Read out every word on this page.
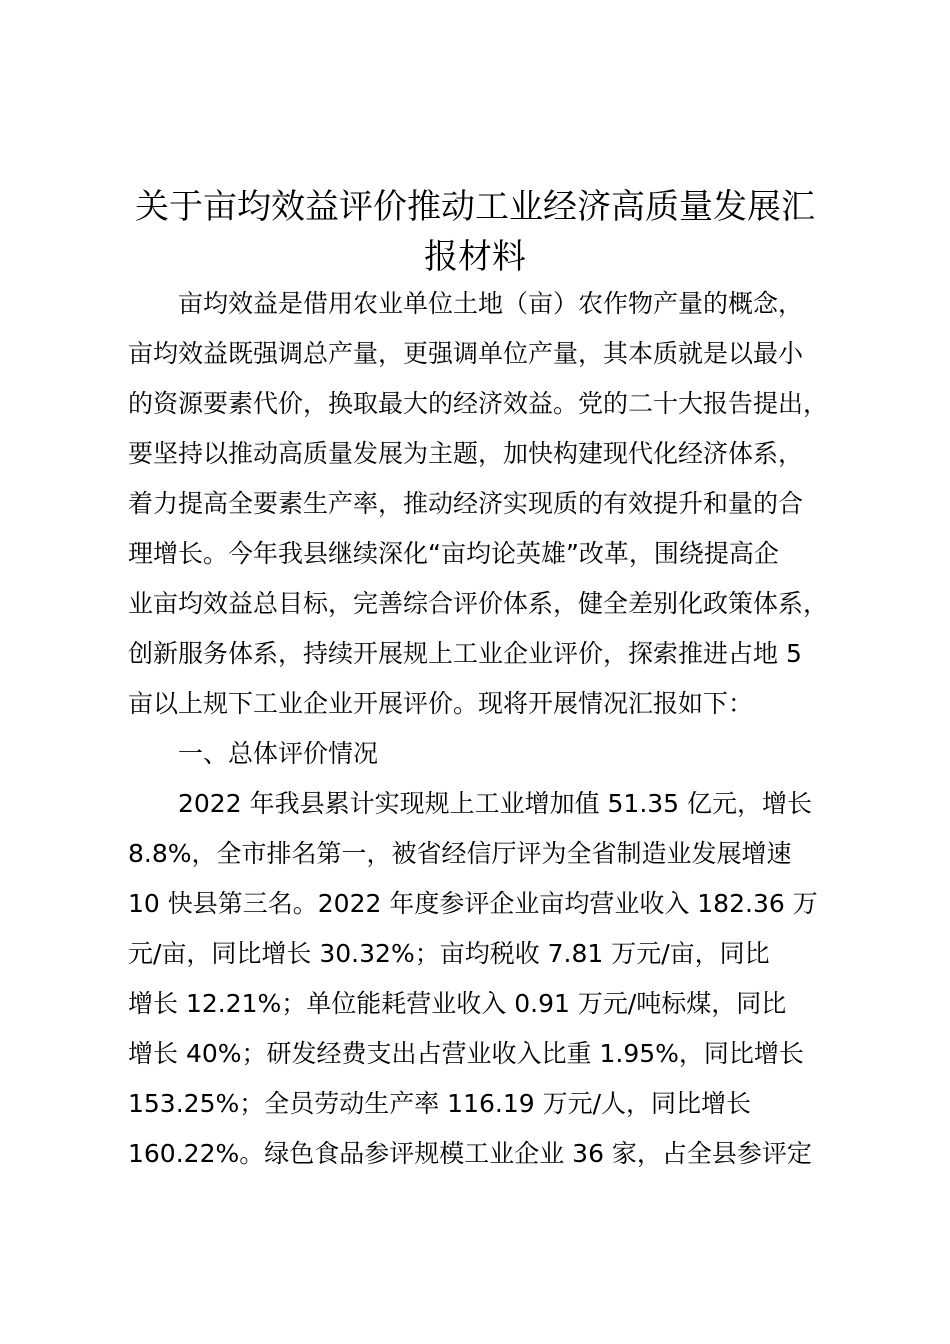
关于亩均效益评价推动工业经济高质量发展汇
报材料
亩均效益是借用农业单位土地（亩）农作物产量的概念，
亩均效益既强调总产量，更强调单位产量，其本质就是以最小
的资源要素代价，换取最大的经济效益。党的二十大报告提出，
要坚持以推动高质量发展为主题，加快构建现代化经济体系，
着力提高全要素生产率，推动经济实现质的有效提升和量的合
理增长。今年我县继续深化“亩均论英雄”改革，围绕提高企
业亩均效益总目标，完善综合评价体系，健全差别化政策体系，
创新服务体系，持续开展规上工业企业评价，探索推进占地 5
亩以上规下工业企业开展评价。现将开展情况汇报如下：
一、总体评价情况
2022 年我县累计实现规上工业增加值 51.35 亿元，增长
8.8%，全市排名第一，被省经信厅评为全省制造业发展增速
10 快县第三名。2022 年度参评企业亩均营业收入 182.36 万
元/亩，同比增长 30.32%；亩均税收 7.81 万元/亩，同比
增长 12.21%；单位能耗营业收入 0.91 万元/吨标煤，同比
增长 40%；研发经费支出占营业收入比重 1.95%，同比增长
153.25%；全员劳动生产率 116.19 万元/人，同比增长
160.22%。绿色食品参评规模工业企业 36 家，占全县参评定
